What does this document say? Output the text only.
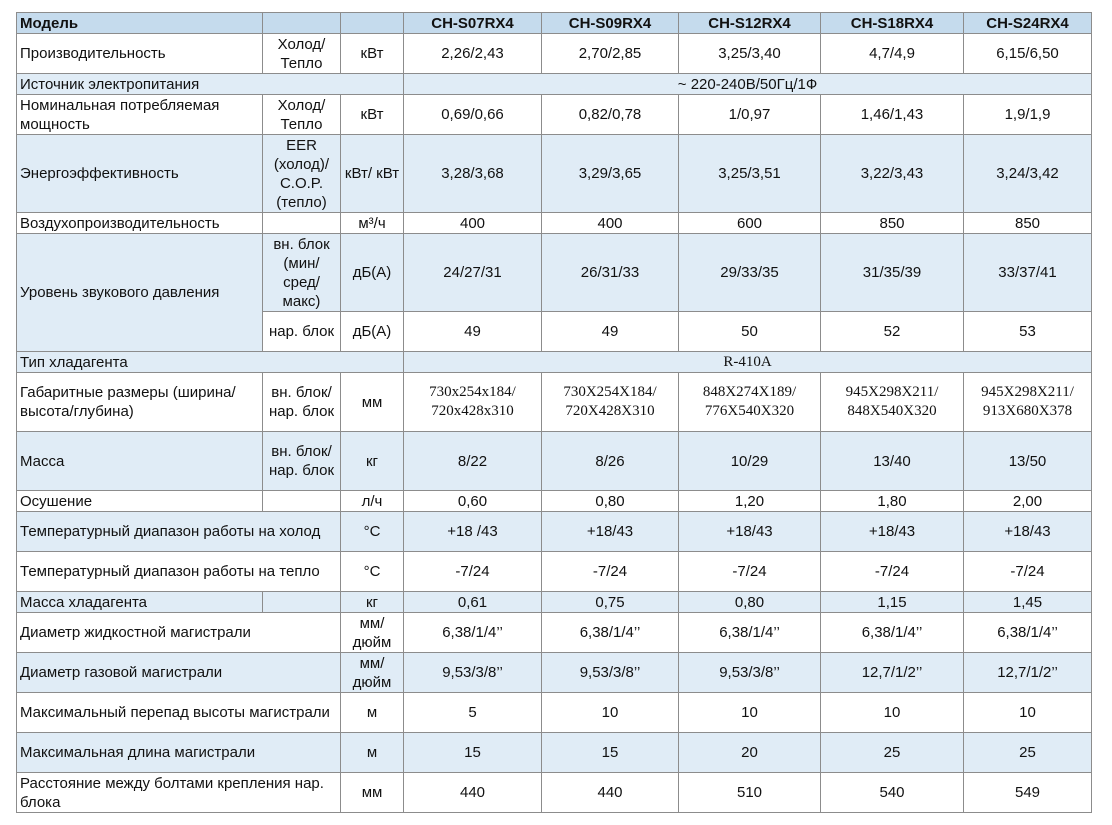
Модель			CH-S07RX4	CH-S09RX4	CH-S12RX4	CH-S18RX4	CH-S24RX4
Производительность	Холод/ Тепло	кВт	2,26/2,43	2,70/2,85	3,25/3,40	4,7/4,9	6,15/6,50
Источник электропитания			~ 220-240В/50Гц/1Ф				
Номинальная потребляемая мощность	Холод/ Тепло	кВт	0,69/0,66	0,82/0,78	1/0,97	1,46/1,43	1,9/1,9
Энергоэффективность	EER (холод)/ C.O.P. (тепло)	кВт/ кВт	3,28/3,68	3,29/3,65	3,25/3,51	3,22/3,43	3,24/3,42
Воздухопроизводительность		м³/ч	400	400	600	850	850
Уровень звукового давления	вн. блок (мин/ сред/ макс)	дБ(А)	24/27/31	26/31/33	29/33/35	31/35/39	33/37/41
	нар. блок	дБ(А)	49	49	50	52	53
Тип хладагента			R-410A				
Габаритные размеры (ширина/ высота/глубина)	вн. блок/ нар. блок	мм	730x254x184/ 720x428x310	730X254X184/ 720X428X310	848X274X189/ 776X540X320	945X298X211/ 848X540X320	945X298X211/ 913X680X378
Масса	вн. блок/ нар. блок	кг	8/22	8/26	10/29	13/40	13/50
Осушение		л/ч	0,60	0,80	1,20	1,80	2,00
Температурный диапазон работы на холод		°С	+18 /43	+18/43	+18/43	+18/43	+18/43
Температурный диапазон работы на тепло		°С	-7/24	-7/24	-7/24	-7/24	-7/24
Масса хладагента		кг	0,61	0,75	0,80	1,15	1,45
Диаметр жидкостной магистрали		мм/ дюйм	6,38/1/4’’	6,38/1/4’’	6,38/1/4’’	6,38/1/4’’	6,38/1/4’’
Диаметр газовой магистрали		мм/ дюйм	9,53/3/8’’	9,53/3/8’’	9,53/3/8’’	12,7/1/2’’	12,7/1/2’’
Максимальный перепад высоты магистрали		м	5	10	10	10	10
Максимальная длина магистрали		м	15	15	20	25	25
Расстояние между болтами крепления нар. блока		мм	440	440	510	540	549
